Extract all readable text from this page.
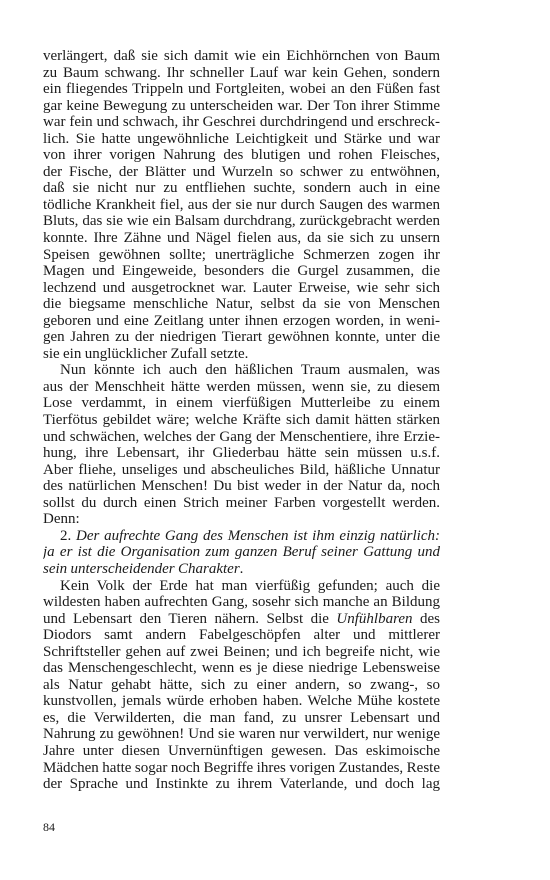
verlängert, daß sie sich damit wie ein Eichhörnchen von Baum
zu Baum schwang. Ihr schneller Lauf war kein Gehen, sondern
ein fliegendes Trippeln und Fortgleiten, wobei an den Füßen fast
gar keine Bewegung zu unterscheiden war. Der Ton ihrer Stimme
war fein und schwach, ihr Geschrei durchdringend und erschreck-
lich. Sie hatte ungewöhnliche Leichtigkeit und Stärke und war
von ihrer vorigen Nahrung des blutigen und rohen Fleisches,
der Fische, der Blätter und Wurzeln so schwer zu entwöhnen,
daß sie nicht nur zu entfliehen suchte, sondern auch in eine
tödliche Krankheit fiel, aus der sie nur durch Saugen des warmen
Bluts, das sie wie ein Balsam durchdrang, zurückgebracht werden
konnte. Ihre Zähne und Nägel fielen aus, da sie sich zu unsern
Speisen gewöhnen sollte; unerträgliche Schmerzen zogen ihr
Magen und Eingeweide, besonders die Gurgel zusammen, die
lechzend und ausgetrocknet war. Lauter Erweise, wie sehr sich
die biegsame menschliche Natur, selbst da sie von Menschen
geboren und eine Zeitlang unter ihnen erzogen worden, in weni-
gen Jahren zu der niedrigen Tierart gewöhnen konnte, unter die
sie ein unglücklicher Zufall setzte.
Nun könnte ich auch den häßlichen Traum ausmalen, was
aus der Menschheit hätte werden müssen, wenn sie, zu diesem
Lose verdammt, in einem vierfüßigen Mutterleibe zu einem
Tierfötus gebildet wäre; welche Kräfte sich damit hätten stärken
und schwächen, welches der Gang der Menschentiere, ihre Erzie-
hung, ihre Lebensart, ihr Gliederbau hätte sein müssen u.s.f.
Aber fliehe, unseliges und abscheuliches Bild, häßliche Unnatur
des natürlichen Menschen! Du bist weder in der Natur da, noch
sollst du durch einen Strich meiner Farben vorgestellt werden.
Denn:
2. Der aufrechte Gang des Menschen ist ihm einzig natürlich:
ja er ist die Organisation zum ganzen Beruf seiner Gattung und
sein unterscheidender Charakter.
Kein Volk der Erde hat man vierfüßig gefunden; auch die
wildesten haben aufrechten Gang, sosehr sich manche an Bildung
und Lebensart den Tieren nähern. Selbst die Unfühlbaren des
Diodors samt andern Fabelgeschöpfen alter und mittlerer
Schriftsteller gehen auf zwei Beinen; und ich begreife nicht, wie
das Menschengeschlecht, wenn es je diese niedrige Lebensweise
als Natur gehabt hätte, sich zu einer andern, so zwang-, so
kunstvollen, jemals würde erhoben haben. Welche Mühe kostete
es, die Verwilderten, die man fand, zu unsrer Lebensart und
Nahrung zu gewöhnen! Und sie waren nur verwildert, nur wenige
Jahre unter diesen Unvernünftigen gewesen. Das eskimoische
Mädchen hatte sogar noch Begriffe ihres vorigen Zustandes, Reste
der Sprache und Instinkte zu ihrem Vaterlande, und doch lag
84
